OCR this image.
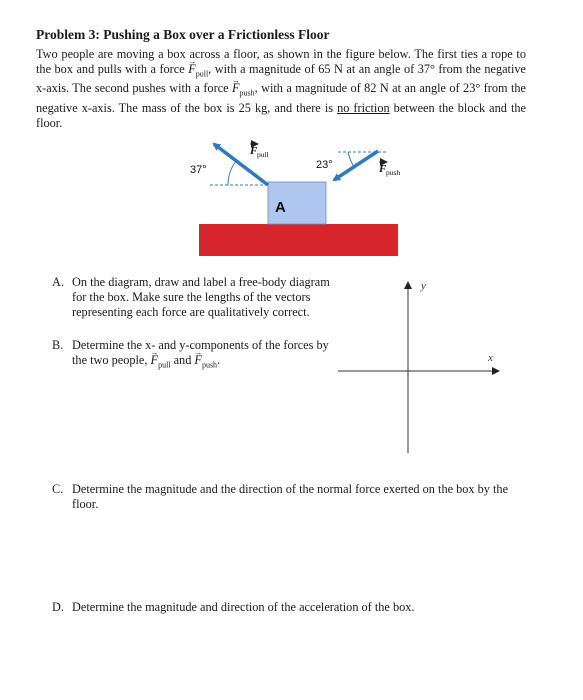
Problem 3: Pushing a Box over a Frictionless Floor
Two people are moving a box across a floor, as shown in the figure below. The first ties a rope to the box and pulls with a force → $F_{pull}$, with a magnitude of 65 N at an angle of 37° from the negative x-axis. The second pushes with a force → $F_{push}$, with a magnitude of 82 N at an angle of 23° from the negative x-axis. The mass of the box is 25 kg, and there is no friction between the block and the floor.
A
37°	23°
F pull
F push
y
x
A. On the diagram, draw and label a free-body diagram for the box. Make sure the lengths of the vectors representing each force are qualitatively correct.
B. Determine the x- and y-components of the forces by the two people, → $F_{pull}$ and → $F_{push}$.
C. Determine the magnitude and the direction of the normal force exerted on the box by the floor.
D. Determine the magnitude and direction of the acceleration of the box.
